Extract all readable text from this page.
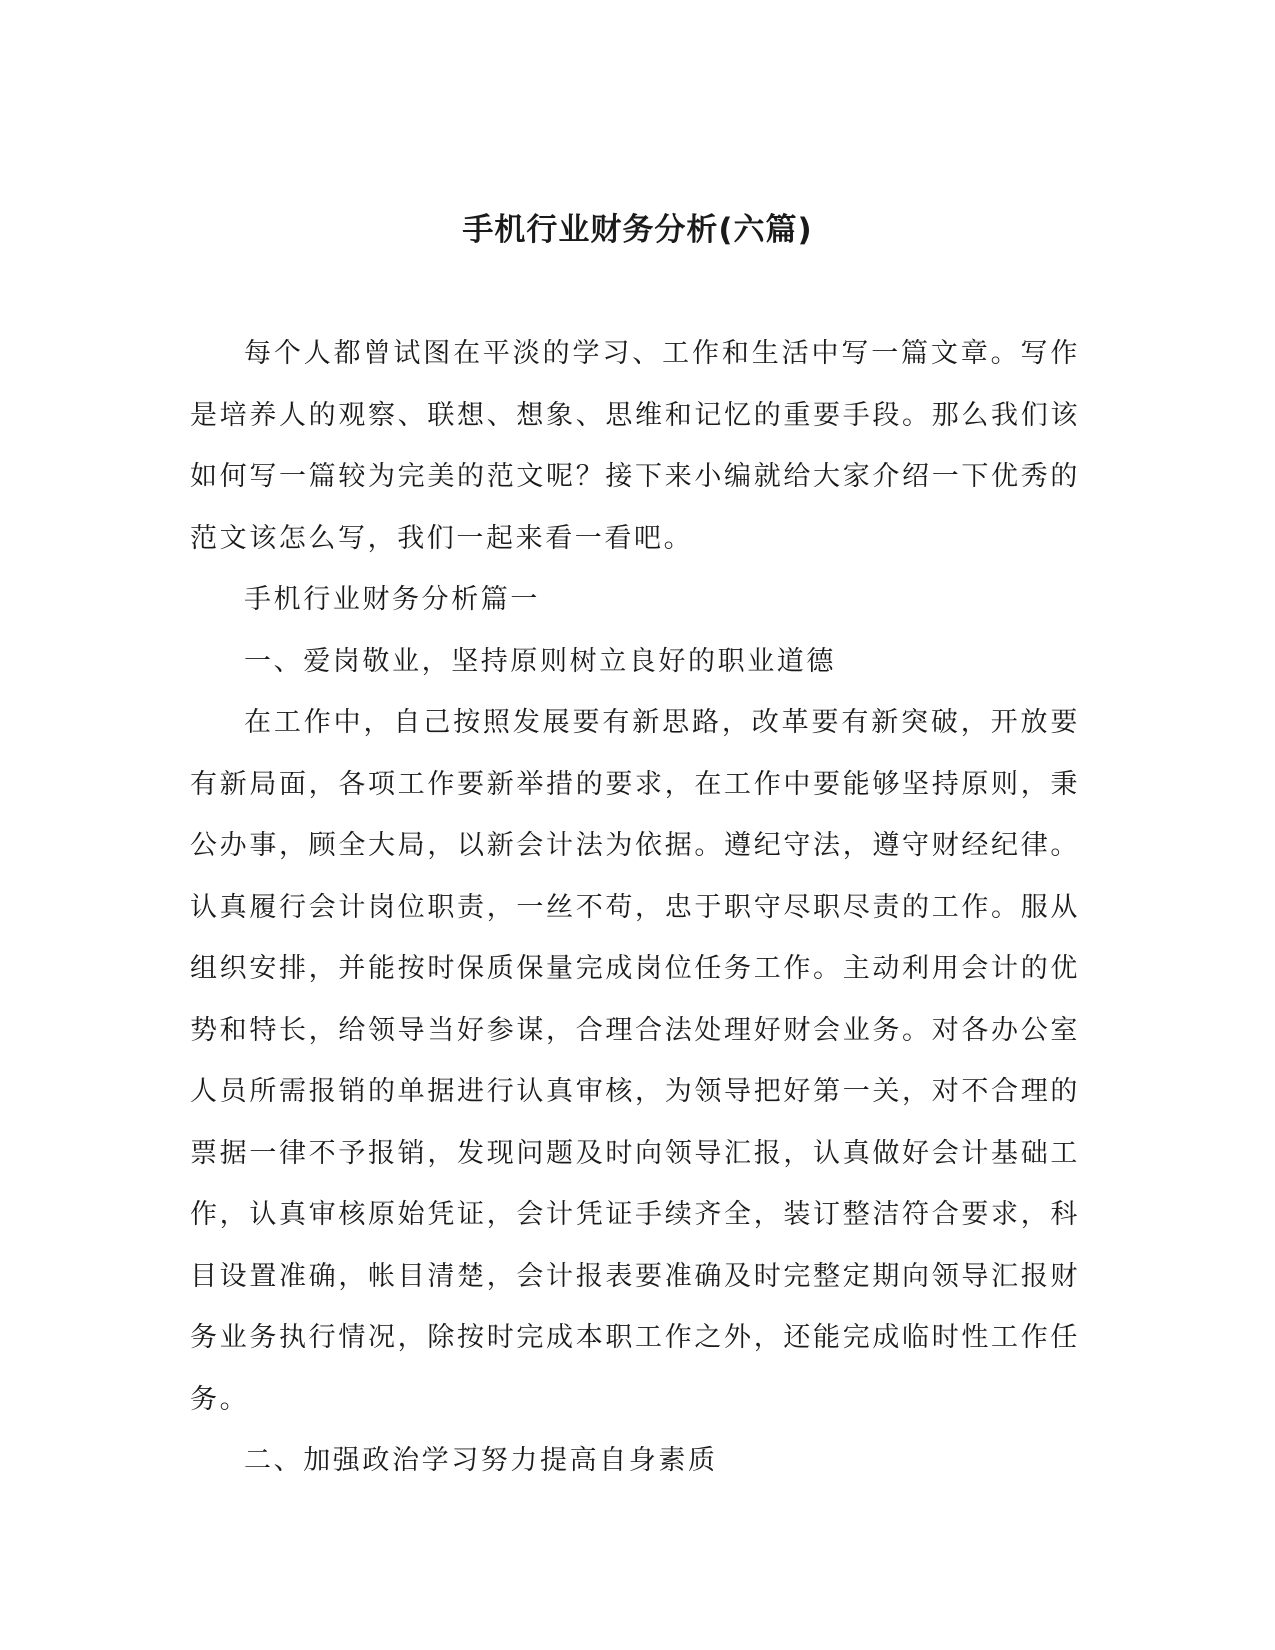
手机行业财务分析(六篇)

每个人都曾试图在平淡的学习、工作和生活中写一篇文章。写作是培养人的观察、联想、想象、思维和记忆的重要手段。那么我们该如何写一篇较为完美的范文呢？接下来小编就给大家介绍一下优秀的范文该怎么写，我们一起来看一看吧。

手机行业财务分析篇一

一、爱岗敬业，坚持原则树立良好的职业道德

在工作中，自己按照发展要有新思路，改革要有新突破，开放要有新局面，各项工作要新举措的要求，在工作中要能够坚持原则，秉公办事，顾全大局，以新会计法为依据。遵纪守法，遵守财经纪律。认真履行会计岗位职责，一丝不苟，忠于职守尽职尽责的工作。服从组织安排，并能按时保质保量完成岗位任务工作。主动利用会计的优势和特长，给领导当好参谋，合理合法处理好财会业务。对各办公室人员所需报销的单据进行认真审核，为领导把好第一关，对不合理的票据一律不予报销，发现问题及时向领导汇报，认真做好会计基础工作，认真审核原始凭证，会计凭证手续齐全，装订整洁符合要求，科目设置准确，帐目清楚，会计报表要准确及时完整定期向领导汇报财务业务执行情况，除按时完成本职工作之外，还能完成临时性工作任务。

二、加强政治学习努力提高自身素质
